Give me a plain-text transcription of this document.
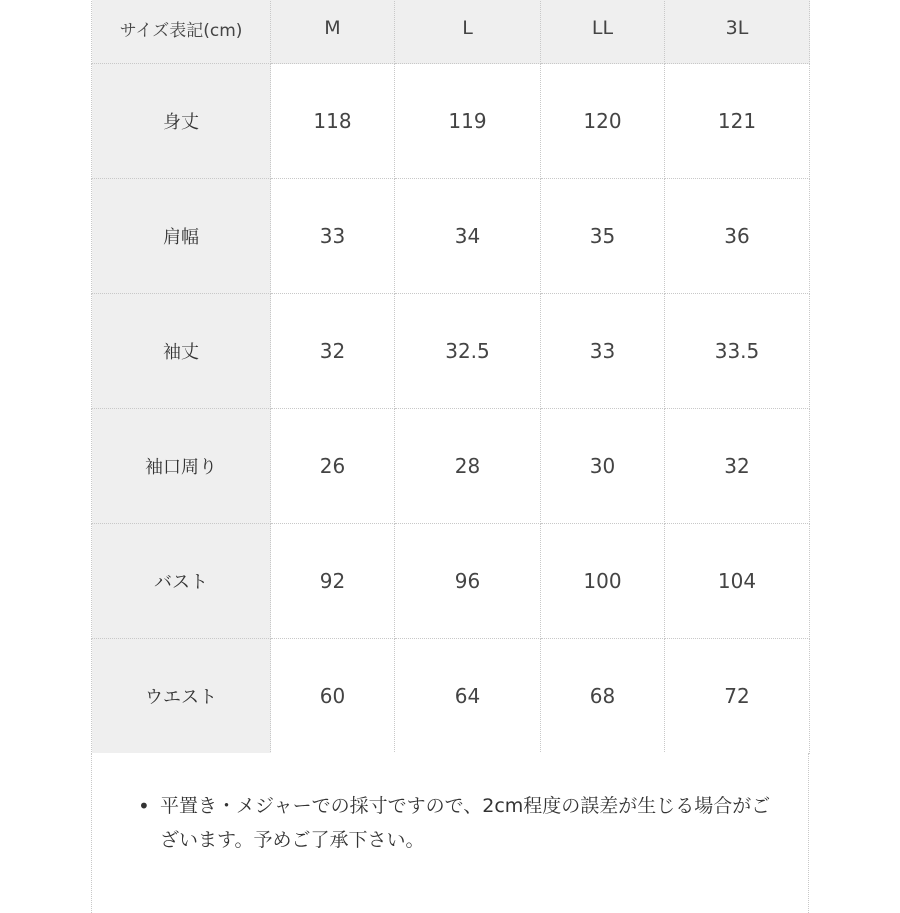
サイズ表記(cm)	M	L	LL	3L
身丈	118	119	120	121
肩幅	33	34	35	36
袖丈	32	32.5	33	33.5
袖口周り	26	28	30	32
バスト	92	96	100	104
ウエスト	60	64	68	72
• 平置き・メジャーでの採寸ですので、2cm程度の誤差が生じる場合がございます。予めご了承下さい。
